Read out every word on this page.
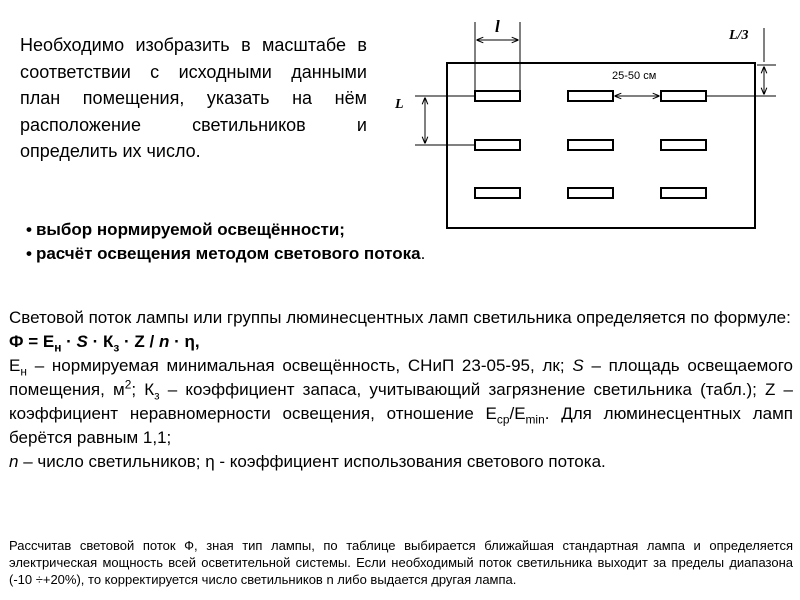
Необходимо изобразить в масштабе в соответствии с исходными данными план помещения, указать на нём расположение светильников и определить их число.

• выбор нормируемой освещённости;
• расчёт освещения методом светового потока.
l
L
L/3
25-50 см

Световой поток лампы или группы люминесцентных ламп светильника определяется по формуле:

$Ф = Е_н \cdot S \cdot К_з \cdot Z / n \cdot \eta$,

$Е_н$ – нормируемая минимальная освещённость, СНиП 23-05-95, лк; S – площадь освещаемого помещения, $м^2$; $К_з$ – коэффициент запаса, учитывающий загрязнение светильника (табл.); Z – коэффициент неравномерности освещения, отношение $Е_{ср}/Е_{min}$. Для люминесцентных ламп берётся равным 1,1;

n – число светильников; η - коэффициент использования светового потока.

Рассчитав световой поток Ф, зная тип лампы, по таблице выбирается ближайшая стандартная лампа и определяется электрическая мощность всей осветительной системы. Если необходимый поток светильника выходит за пределы диапазона (-10 ÷+20%), то корректируется число светильников n либо выдается другая лампа.
